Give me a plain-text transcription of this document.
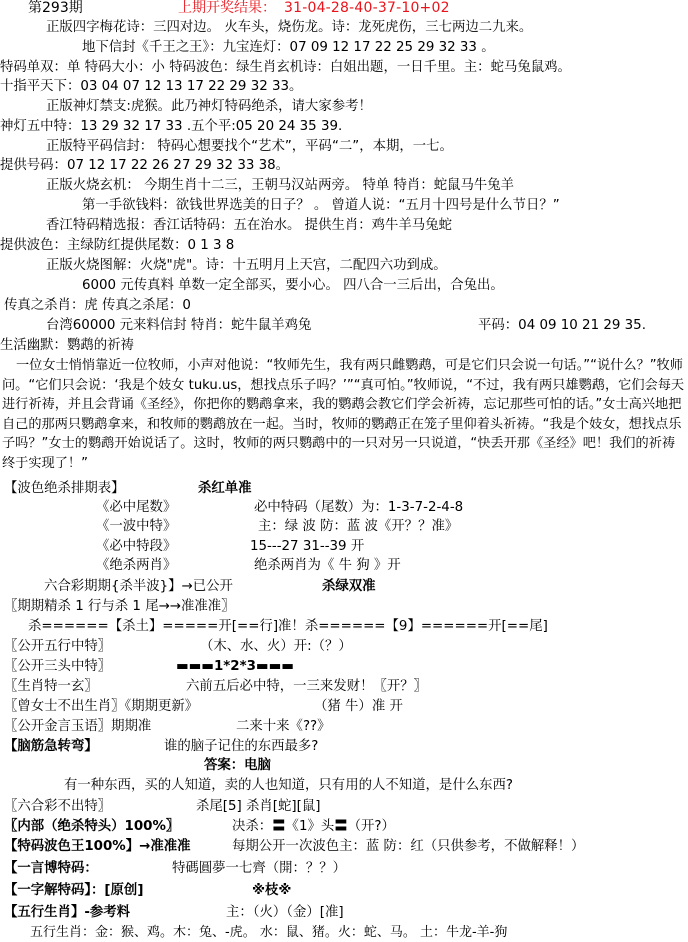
第293期	上期开奖结果： 31-04-28-40-37-10+02
正版四字梅花诗：三四对边。 火车头，烧伤龙。诗：龙死虎伤，三七两边二九来。
地下信封《千王之王》：九宝连灯：07 09 12 17 22 25 29 32 33 。
特码单双：单 特码大小：小 特码波色：绿生肖玄机诗：白姐出题，一日千里。主：蛇马兔鼠鸡。
十指平天下：03 04 07 12 13 17 22 29 32 33。
正版神灯禁支:虎猴。此乃神灯特码绝杀，请大家参考！
神灯五中特：13 29 32 17 33 .五个平:05 20 24 35 39.
正版特平码信封： 特码心想要找个“艺术”，平码“二”，本期，一七。
提供号码：07 12 17 22 26 27 29 32 33 38。
正版火烧玄机： 今期生肖十二三，王朝马汉站两旁。 特单 特肖：蛇鼠马牛兔羊
第一手欲钱料：欲钱世界选美的日子？ 。 曾道人说：“五月十四号是什么节日？”
香江特码精选报：香江话特码：五在治水。 提供生肖：鸡牛羊马兔蛇
提供波色：主绿防红提供尾数：0 1 3 8
正版火烧图解：火烧"虎"。诗：十五明月上天宫，二配四六功到成。
6000 元传真料 单数一定全部买，要小心。 四八合一三后出，合兔出。
传真之杀肖：虎 传真之杀尾：0
台湾60000 元来料信封 特肖：蛇牛鼠羊鸡兔	平码：04 09 10 21 29 35.
生活幽默：鹦鹉的祈祷
一位女士悄悄靠近一位牧师，小声对他说：“牧师先生，我有两只雌鹦鹉，可是它们只会说一句话。”“说什么？”牧师问。“它们只会说：‘我是个妓女 tuku.us，想找点乐子吗？’”“真可怕。”牧师说，“不过，我有两只雄鹦鹉，它们会每天进行祈祷，并且会背诵《圣经》，你把你的鹦鹉拿来，我的鹦鹉会教它们学会祈祷，忘记那些可怕的话。”女士高兴地把自己的那两只鹦鹉拿来，和牧师的鹦鹉放在一起。当时，牧师的鹦鹉正在笼子里仰着头祈祷。“我是个妓女，想找点乐子吗？”女士的鹦鹉开始说话了。这时，牧师的两只鹦鹉中的一只对另一只说道，“快丢开那《圣经》吧！我们的祈祷终于实现了！”
【波色绝杀排期表】	杀红单准
《必中尾数》	必中特码（尾数）为：1-3-7-2-4-8
《一波中特》	主：绿 波 防：蓝 波《开？？准》
《必中特段》	15---27 31--39 开
《绝杀两肖》	绝杀两肖为《 牛 狗 》开
六合彩期期{杀半波}】→已公开	杀绿双准
〖期期精杀 1 行与杀 1 尾→→准准准〗
杀======【杀土】=====开[==行]准！杀======【9】======开[==尾]
〖公开五行中特〗	（木、水、火）开:（？）
〖公开三头中特〗	▬▬▬1*2*3▬▬▬
〖生肖特一玄〗	六前五后必中特，一三来发财！〖开？〗
〖曾女士不出生肖〗《期期更新》	（猪 牛）准 开
〖公开金言玉语〗期期准	二来十来《??》
【脑筋急转弯】	谁的脑子记住的东西最多?
答案：电脑
有一种东西，买的人知道，卖的人也知道，只有用的人不知道，是什么东西?
〖六合彩不出特〗	杀尾[5] 杀肖[蛇][鼠]
〖内部（绝杀特头）100%〗	决杀：〓《1》头〓（开?）
【特码波色王100%】→准准准	每期公开一次波色主：蓝 防：红（只供参考，不做解释！）
【一言博特码：	特碼圓夢一七齊（開：？？）
【一字解特码】：[原创]	※枝※
【五行生肖】-参考料	主：（火）（金）[准]
五行生肖：金：猴、鸡。木：兔、-虎。 水：鼠、猪。火：蛇、马。 土：牛龙-羊-狗
